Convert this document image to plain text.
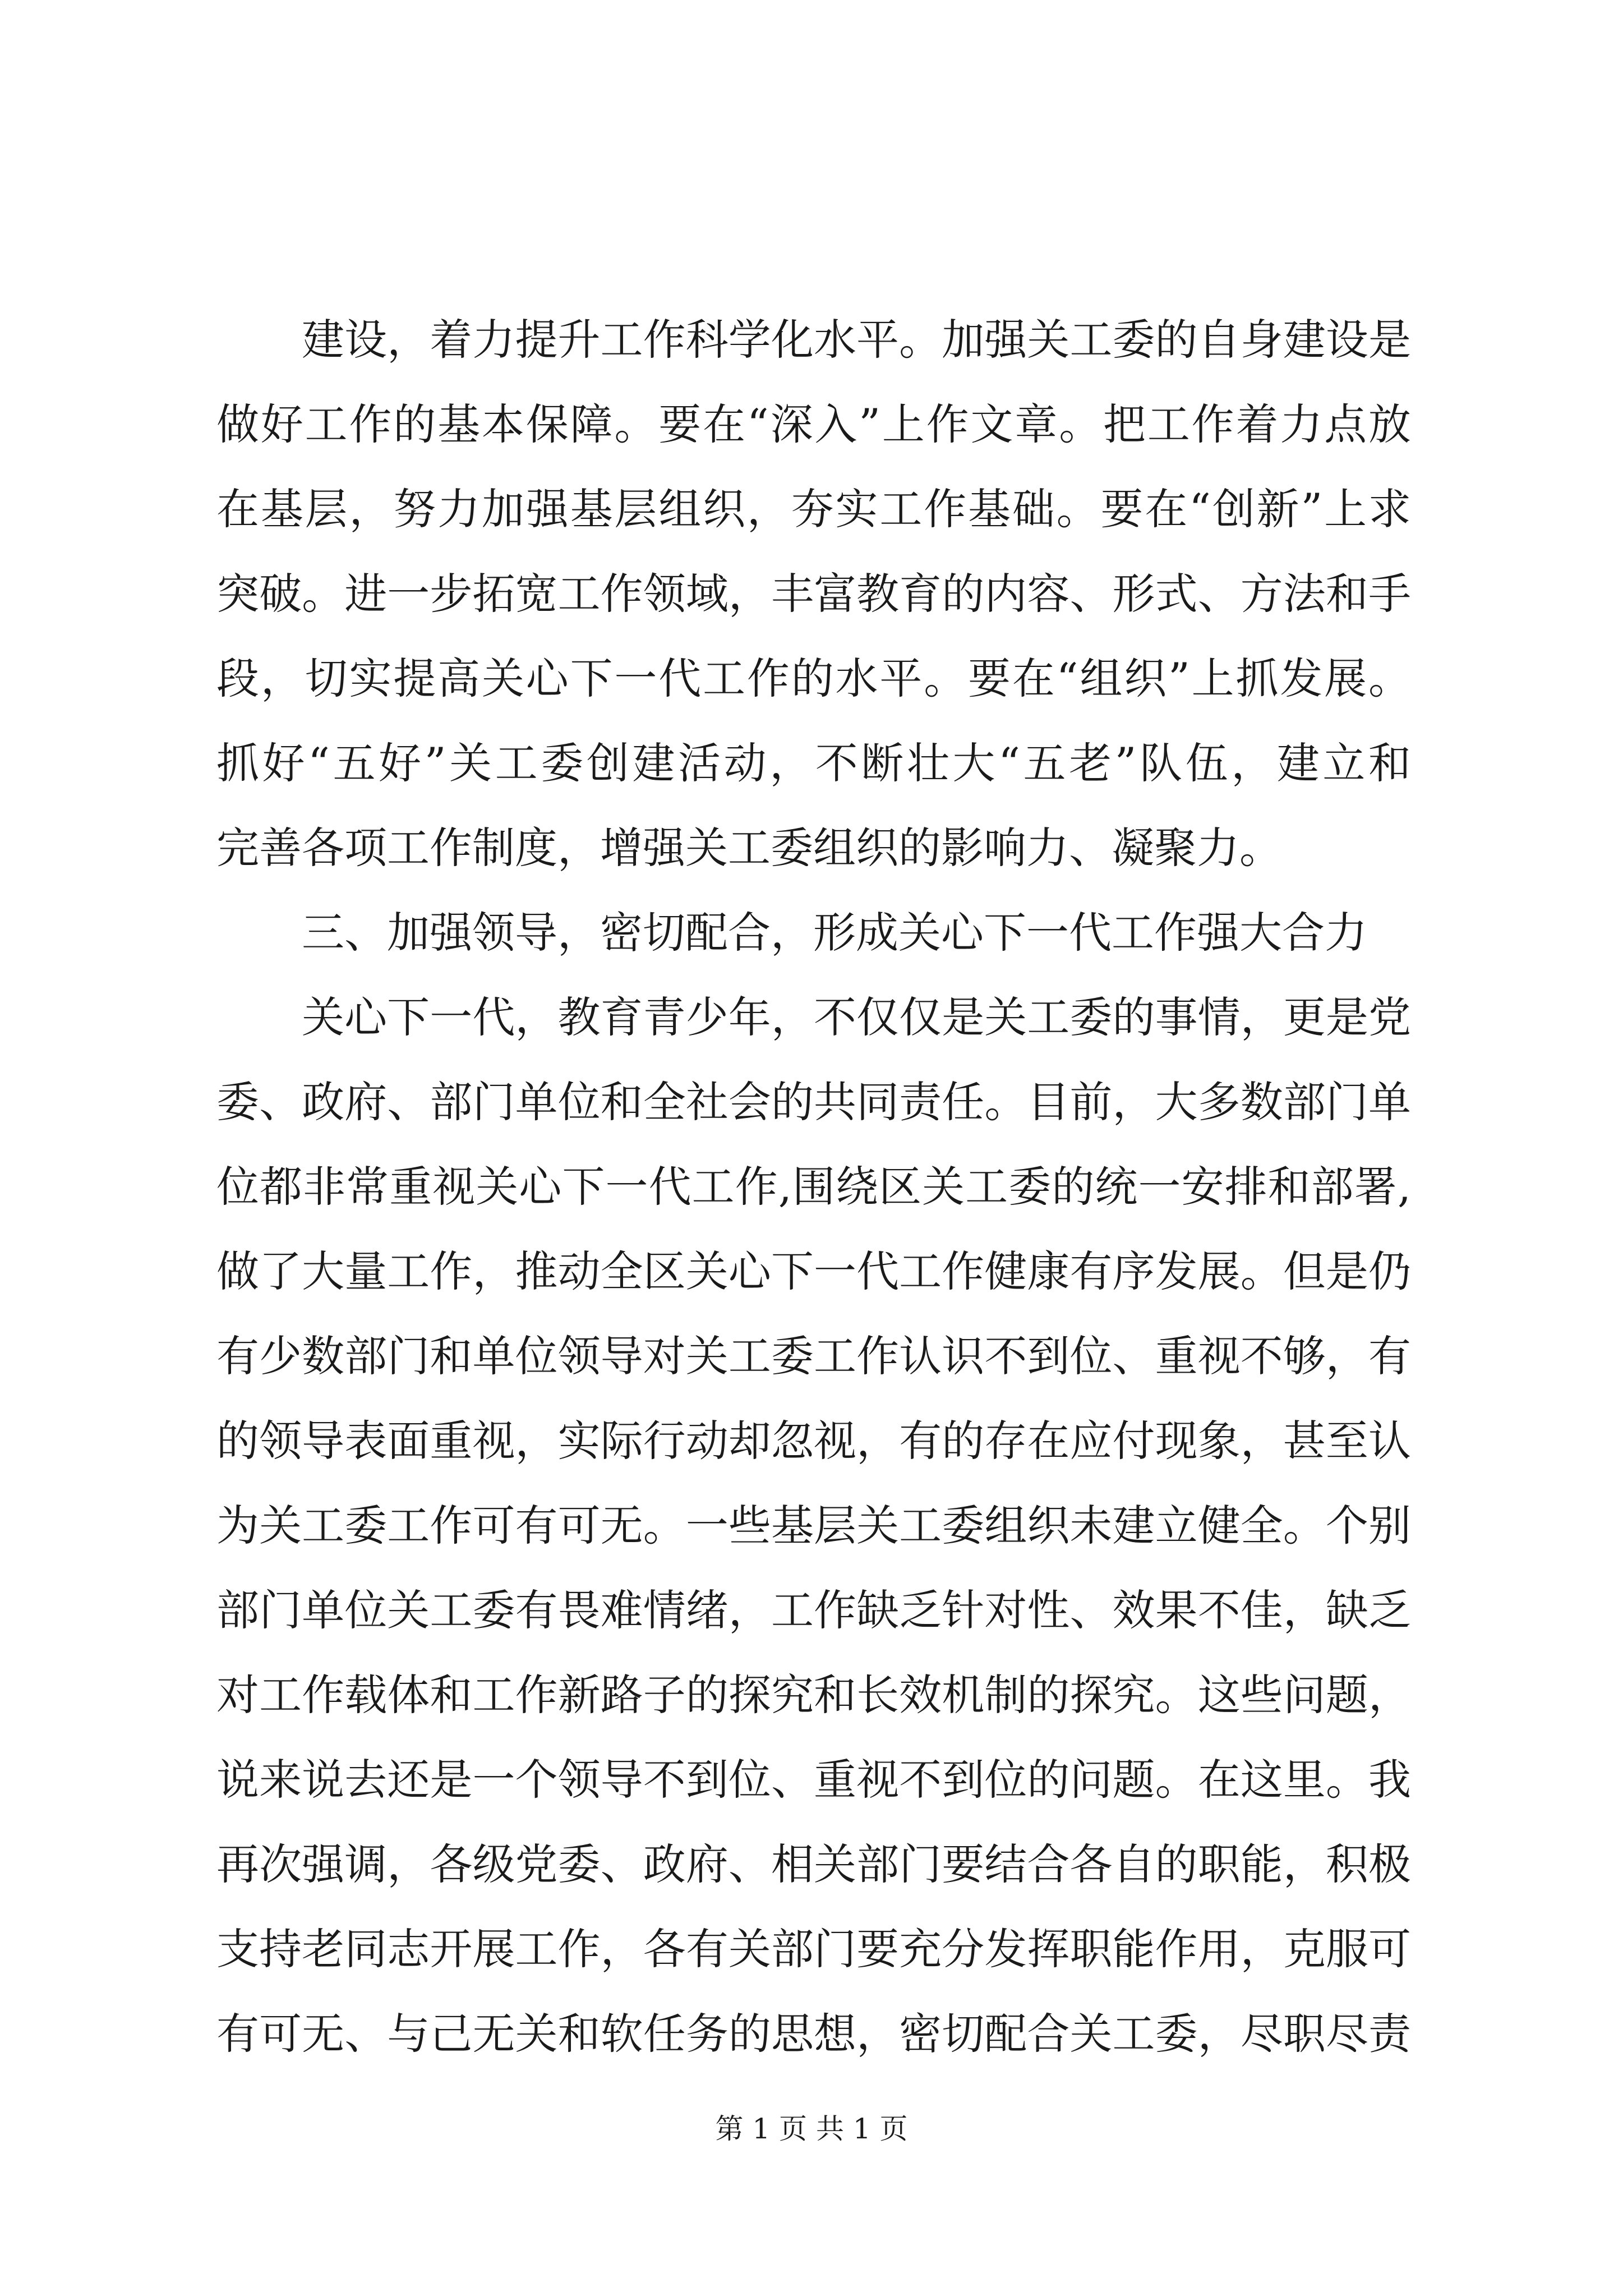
建设，着力提升工作科学化水平。加强关工委的自身建设是
做好工作的基本保障。要在“深入”上作文章。把工作着力点放
在基层，努力加强基层组织，夯实工作基础。要在“创新”上求
突破。进一步拓宽工作领域，丰富教育的内容、形式、方法和手
段，切实提高关心下一代工作的水平。要在“组织”上抓发展。
抓好“五好”关工委创建活动，不断壮大“五老”队伍，建立和
完善各项工作制度，增强关工委组织的影响力、凝聚力。
三、加强领导，密切配合，形成关心下一代工作强大合力
关心下一代，教育青少年，不仅仅是关工委的事情，更是党
委、政府、部门单位和全社会的共同责任。目前，大多数部门单
位都非常重视关心下一代工作,围绕区关工委的统一安排和部署,
做了大量工作，推动全区关心下一代工作健康有序发展。但是仍
有少数部门和单位领导对关工委工作认识不到位、重视不够，有
的领导表面重视，实际行动却忽视，有的存在应付现象，甚至认
为关工委工作可有可无。一些基层关工委组织未建立健全。个别
部门单位关工委有畏难情绪，工作缺乏针对性、效果不佳，缺乏
对工作载体和工作新路子的探究和长效机制的探究。这些问题，
说来说去还是一个领导不到位、重视不到位的问题。在这里。我
再次强调，各级党委、政府、相关部门要结合各自的职能，积极
支持老同志开展工作，各有关部门要充分发挥职能作用，克服可
有可无、与己无关和软任务的思想，密切配合关工委，尽职尽责
第 1 页 共 1 页
